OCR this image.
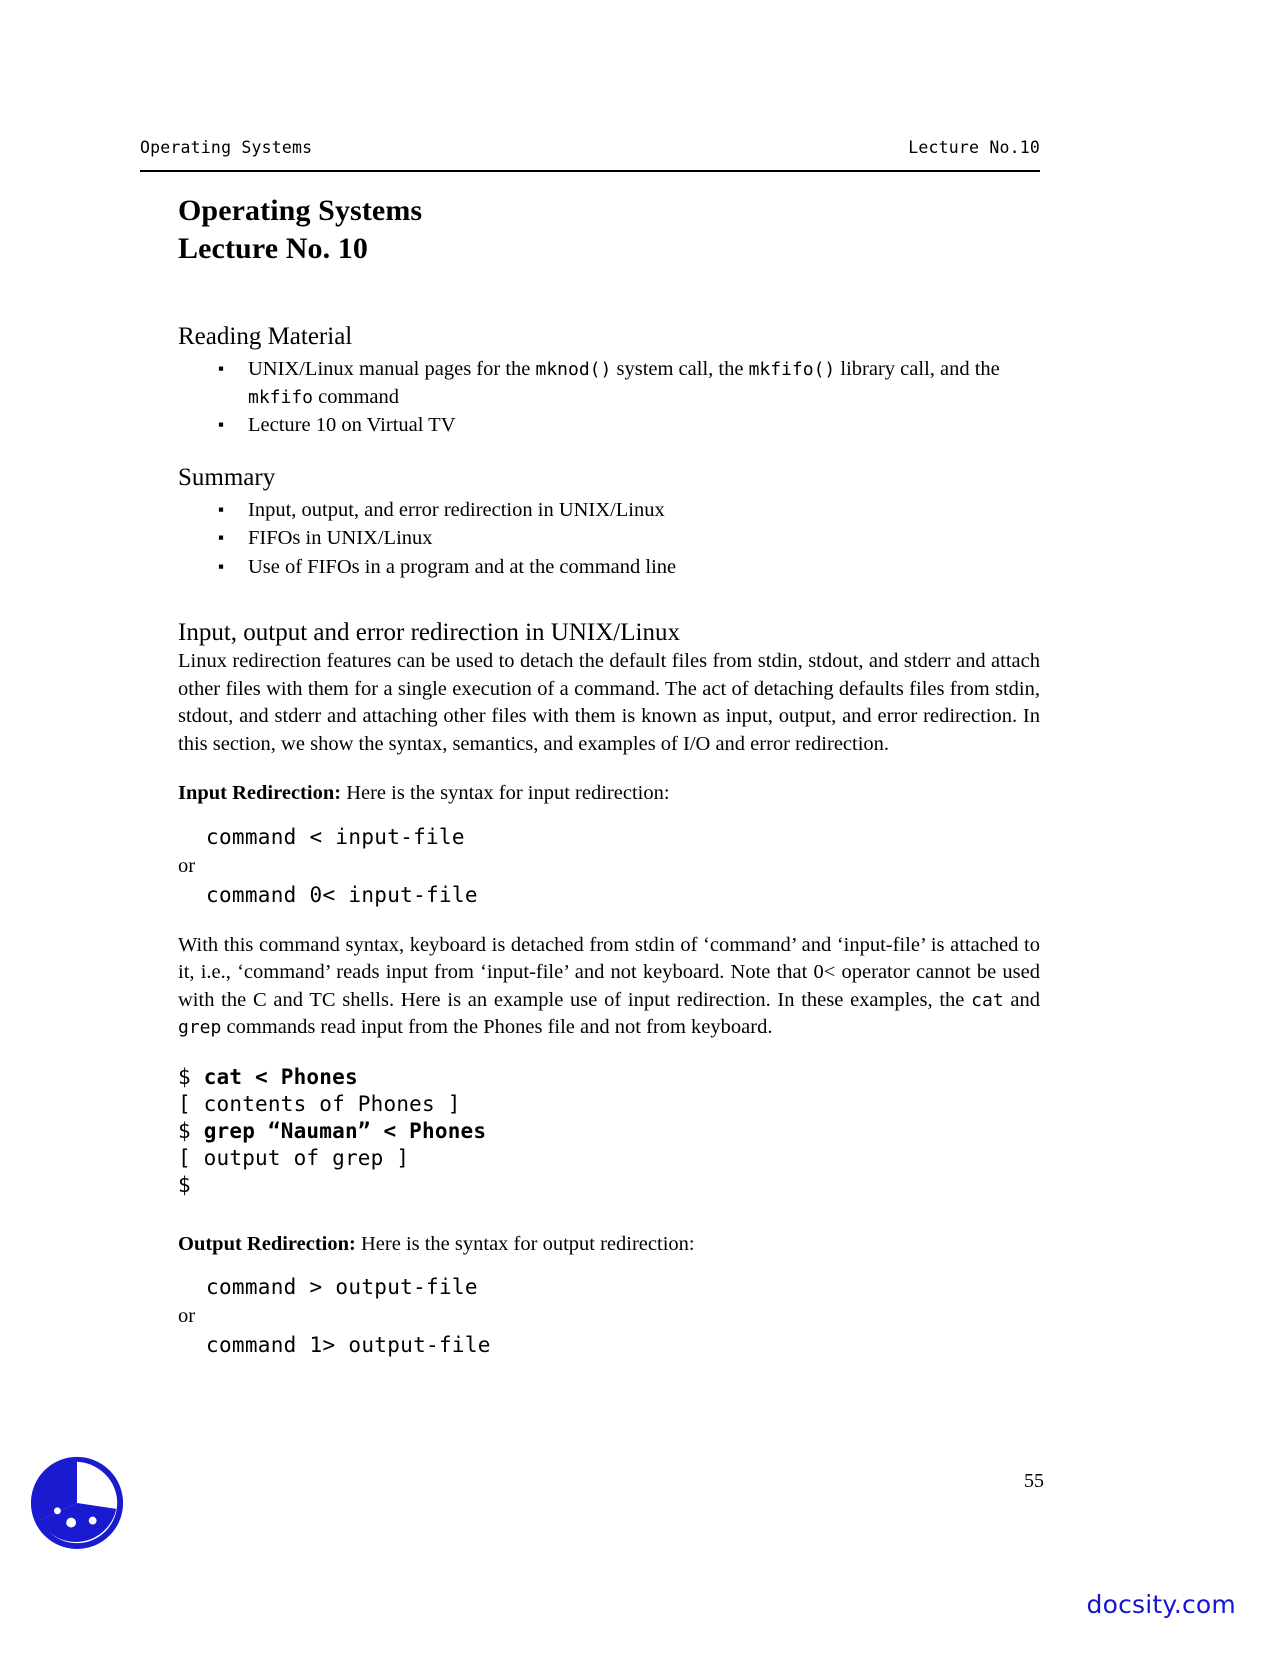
Operating Systems	Lecture No.10
Operating Systems
Lecture No. 10
Reading Material
▪ UNIX/Linux manual pages for the mknod() system call, the mkfifo() library call, and the mkfifo command
▪ Lecture 10 on Virtual TV
Summary
▪ Input, output, and error redirection in UNIX/Linux
▪ FIFOs in UNIX/Linux
▪ Use of FIFOs in a program and at the command line
Input, output and error redirection in UNIX/Linux

Linux redirection features can be used to detach the default files from stdin, stdout, and stderr and attach other files with them for a single execution of a command. The act of detaching defaults files from stdin, stdout, and stderr and attaching other files with them is known as input, output, and error redirection. In this section, we show the syntax, semantics, and examples of I/O and error redirection.

Input Redirection: Here is the syntax for input redirection:

command < input-file
or
command 0< input-file

With this command syntax, keyboard is detached from stdin of ‘command’ and ‘input-file’ is attached to it, i.e., ‘command’ reads input from ‘input-file’ and not keyboard. Note that 0< operator cannot be used with the C and TC shells. Here is an example use of input redirection. In these examples, the cat and grep commands read input from the Phones file and not from keyboard.

$ cat < Phones
[ contents of Phones ]
$ grep “Nauman” < Phones
[ output of grep ]
$

Output Redirection: Here is the syntax for output redirection:

command > output-file
or
command 1> output-file
55
docsity.com
